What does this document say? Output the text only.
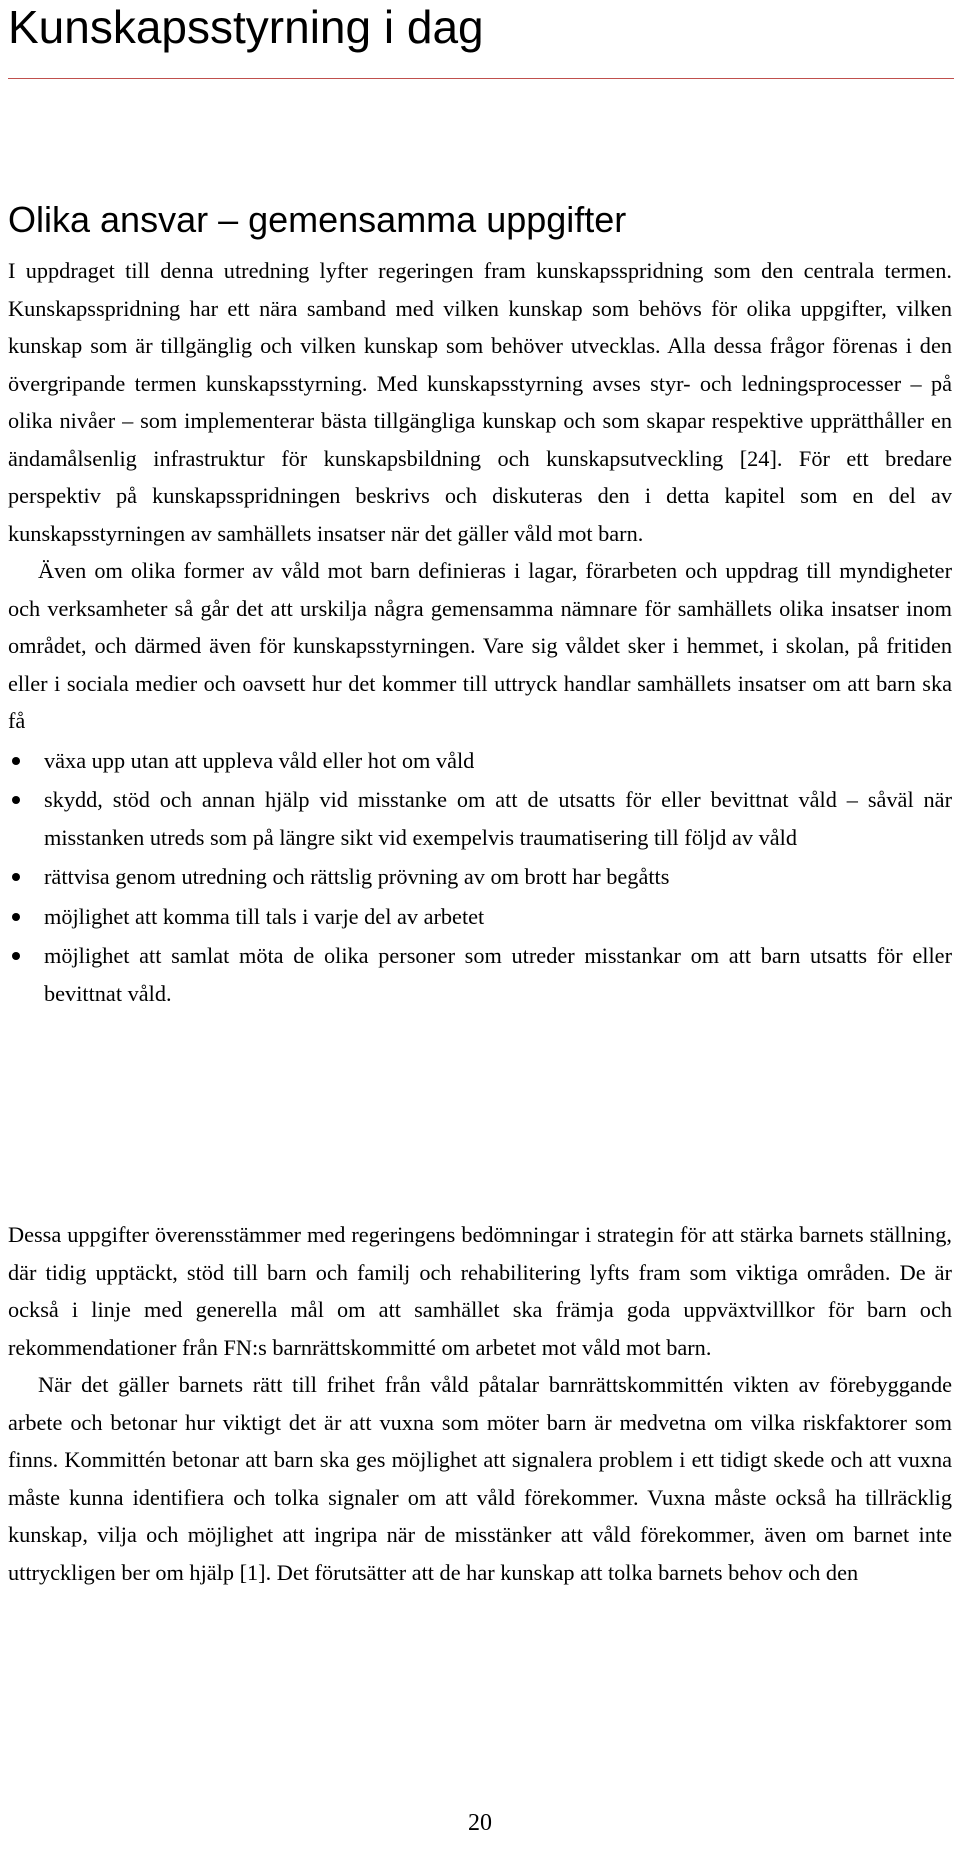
Kunskapsstyrning i dag
Olika ansvar – gemensamma uppgifter

I uppdraget till denna utredning lyfter regeringen fram kunskapsspridning som den centrala termen. Kunskapsspridning har ett nära samband med vilken kunskap som behövs för olika uppgifter, vilken kunskap som är tillgänglig och vilken kunskap som behöver utvecklas. Alla dessa frågor förenas i den övergripande termen kunskapsstyrning. Med kunskapsstyrning avses styr- och ledningsprocesser – på olika nivåer – som implementerar bästa tillgängliga kunskap och som skapar respektive upprätthåller en ändamålsenlig infrastruktur för kunskapsbildning och kunskapsutveckling [24]. För ett bredare perspektiv på kunskapsspridningen beskrivs och diskuteras den i detta kapitel som en del av kunskapsstyrningen av samhällets insatser när det gäller våld mot barn.

Även om olika former av våld mot barn definieras i lagar, förarbeten och uppdrag till myndigheter och verksamheter så går det att urskilja några gemensamma nämnare för samhällets olika insatser inom området, och därmed även för kunskapsstyrningen. Vare sig våldet sker i hemmet, i skolan, på fritiden eller i sociala medier och oavsett hur det kommer till uttryck handlar samhällets insatser om att barn ska få

växa upp utan att uppleva våld eller hot om våld
skydd, stöd och annan hjälp vid misstanke om att de utsatts för eller bevittnat våld – såväl när misstanken utreds som på längre sikt vid exempelvis traumatisering till följd av våld
rättvisa genom utredning och rättslig prövning av om brott har begåtts
möjlighet att komma till tals i varje del av arbetet
möjlighet att samlat möta de olika personer som utreder misstankar om att barn utsatts för eller bevittnat våld.

Dessa uppgifter överensstämmer med regeringens bedömningar i strategin för att stärka barnets ställning, där tidig upptäckt, stöd till barn och familj och rehabilitering lyfts fram som viktiga områden. De är också i linje med generella mål om att samhället ska främja goda uppväxtvillkor för barn och rekommendationer från FN:s barnrättskommitté om arbetet mot våld mot barn.

När det gäller barnets rätt till frihet från våld påtalar barnrättskommittén vikten av förebyggande arbete och betonar hur viktigt det är att vuxna som möter barn är medvetna om vilka riskfaktorer som finns. Kommittén betonar att barn ska ges möjlighet att signalera problem i ett tidigt skede och att vuxna måste kunna identifiera och tolka signaler om att våld förekommer. Vuxna måste också ha tillräcklig kunskap, vilja och möjlighet att ingripa när de misstänker att våld förekommer, även om barnet inte uttryckligen ber om hjälp [1]. Det förutsätter att de har kunskap att tolka barnets behov och den

20
